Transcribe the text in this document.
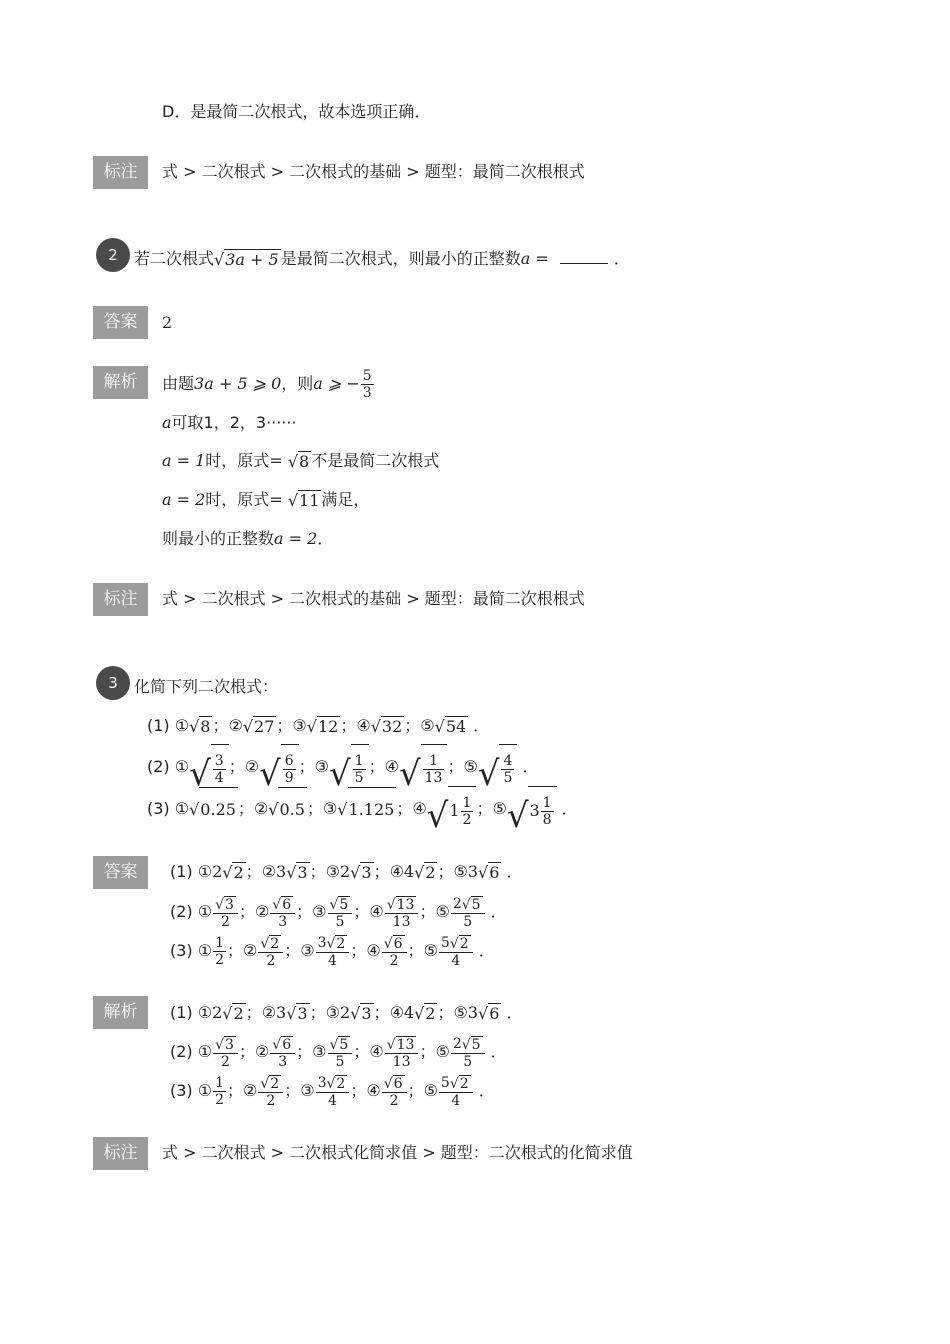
D．是最简二次根式，故本选项正确．
标注	式 > 二次根式 > 二次根式的基础 > 题型：最简二次根根式
2	若二次根式√3a + 5 是最简二次根式，则最小的正整数a =	．
答案	2
解析	由题3a + 5 ⩾ 0，则a ⩾ − $\frac{5}{3}$
a可取1，2，3······
a = 1时，原式= √8 不是最简二次根式
a = 2时，原式= √11 满足，
则最小的正整数a = 2．
标注	式 > 二次根式 > 二次根式的基础 > 题型：最简二次根根式
3	化简下列二次根式：
(1) ①√8 ；②√27 ；③√12 ；④√32 ；⑤√54 ．
(2) ①√ $\frac{3}{4}$ ；②√ $\frac{6}{9}$ ；③√ $\frac{1}{5}$ ；④√ $\frac{1}{13}$ ；⑤√ $\frac{4}{5}$ ．
(3) ①√0.25 ；②√0.5 ；③√1.125 ；④√1 $\frac{1}{2}$ ；⑤√3 $\frac{1}{8}$ ．
答案	(1) ①2√2 ；②3√3 ；③2√3 ；④4√2 ；⑤3√6 ．
(2) ① $\frac{√3}{2}$ ；② $\frac{√6}{3}$ ；③ $\frac{√5}{5}$ ；④ $\frac{√13}{13}$ ；⑤ $\frac{2√5}{5}$ ．
(3) ① $\frac{1}{2}$ ；② $\frac{√2}{2}$ ；③ $\frac{3√2}{4}$ ；④ $\frac{√6}{2}$ ；⑤ $\frac{5√2}{4}$ ．
解析	(1) ①2√2 ；②3√3 ；③2√3 ；④4√2 ；⑤3√6 ．
(2) ① $\frac{√3}{2}$ ；② $\frac{√6}{3}$ ；③ $\frac{√5}{5}$ ；④ $\frac{√13}{13}$ ；⑤ $\frac{2√5}{5}$ ．
(3) ① $\frac{1}{2}$ ；② $\frac{√2}{2}$ ；③ $\frac{3√2}{4}$ ；④ $\frac{√6}{2}$ ；⑤ $\frac{5√2}{4}$ ．
标注	式 > 二次根式 > 二次根式化简求值 > 题型：二次根式的化简求值
